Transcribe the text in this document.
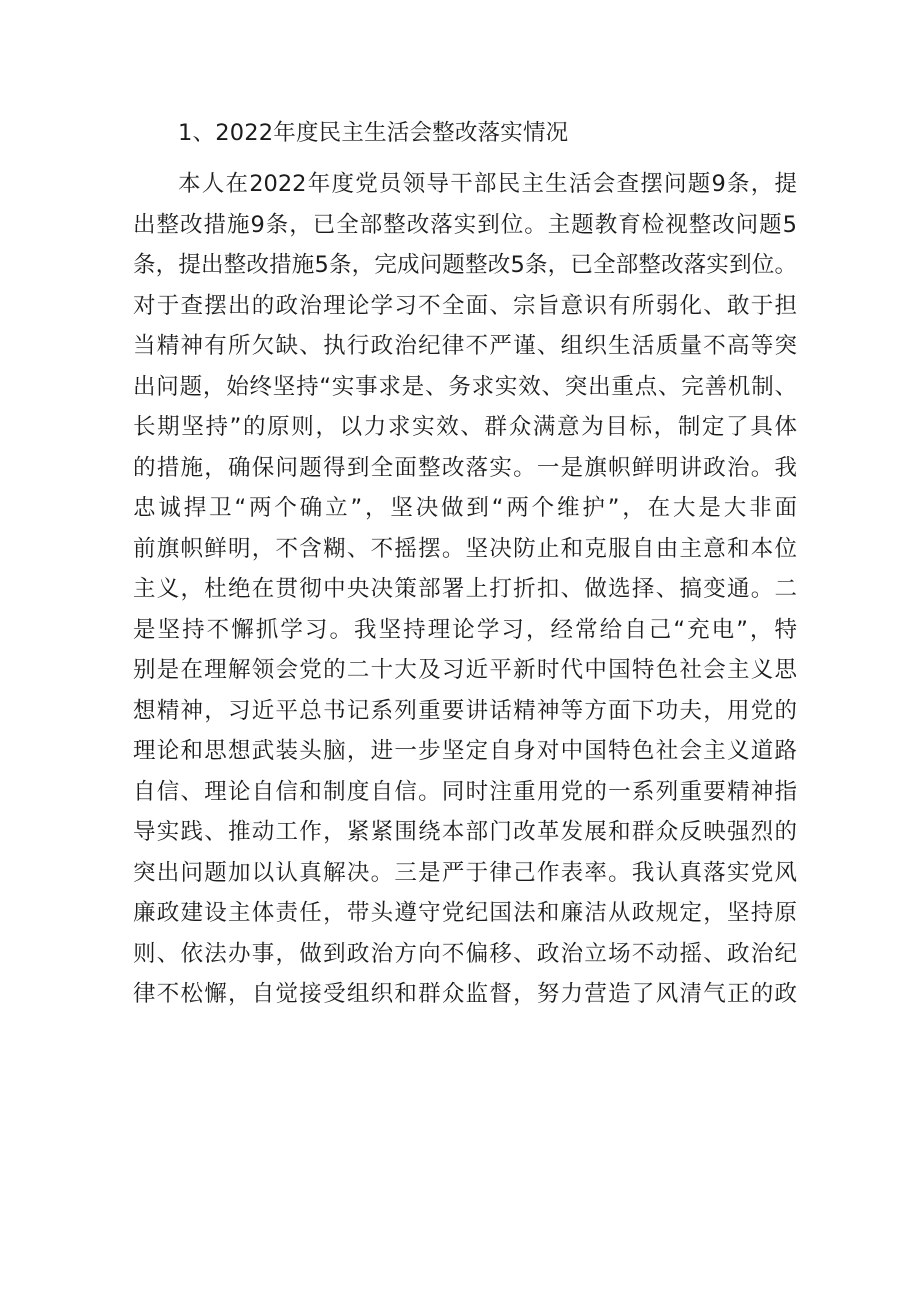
1、2022年度民主生活会整改落实情况

本人在2022年度党员领导干部民主生活会查摆问题9条，提

出整改措施9条，已全部整改落实到位。主题教育检视整改问题5

条，提出整改措施5条，完成问题整改5条，已全部整改落实到位。

对于查摆出的政治理论学习不全面、宗旨意识有所弱化、敢于担

当精神有所欠缺、执行政治纪律不严谨、组织生活质量不高等突

出问题，始终坚持“实事求是、务求实效、突出重点、完善机制、

长期坚持”的原则，以力求实效、群众满意为目标，制定了具体

的措施，确保问题得到全面整改落实。一是旗帜鲜明讲政治。我

忠诚捍卫“两个确立”，坚决做到“两个维护”，在大是大非面

前旗帜鲜明，不含糊、不摇摆。坚决防止和克服自由主意和本位

主义，杜绝在贯彻中央决策部署上打折扣、做选择、搞变通。二

是坚持不懈抓学习。我坚持理论学习，经常给自己“充电”，特

别是在理解领会党的二十大及习近平新时代中国特色社会主义思

想精神，习近平总书记系列重要讲话精神等方面下功夫，用党的

理论和思想武装头脑，进一步坚定自身对中国特色社会主义道路

自信、理论自信和制度自信。同时注重用党的一系列重要精神指

导实践、推动工作，紧紧围绕本部门改革发展和群众反映强烈的

突出问题加以认真解决。三是严于律己作表率。我认真落实党风

廉政建设主体责任，带头遵守党纪国法和廉洁从政规定，坚持原

则、依法办事，做到政治方向不偏移、政治立场不动摇、政治纪

律不松懈，自觉接受组织和群众监督，努力营造了风清气正的政
